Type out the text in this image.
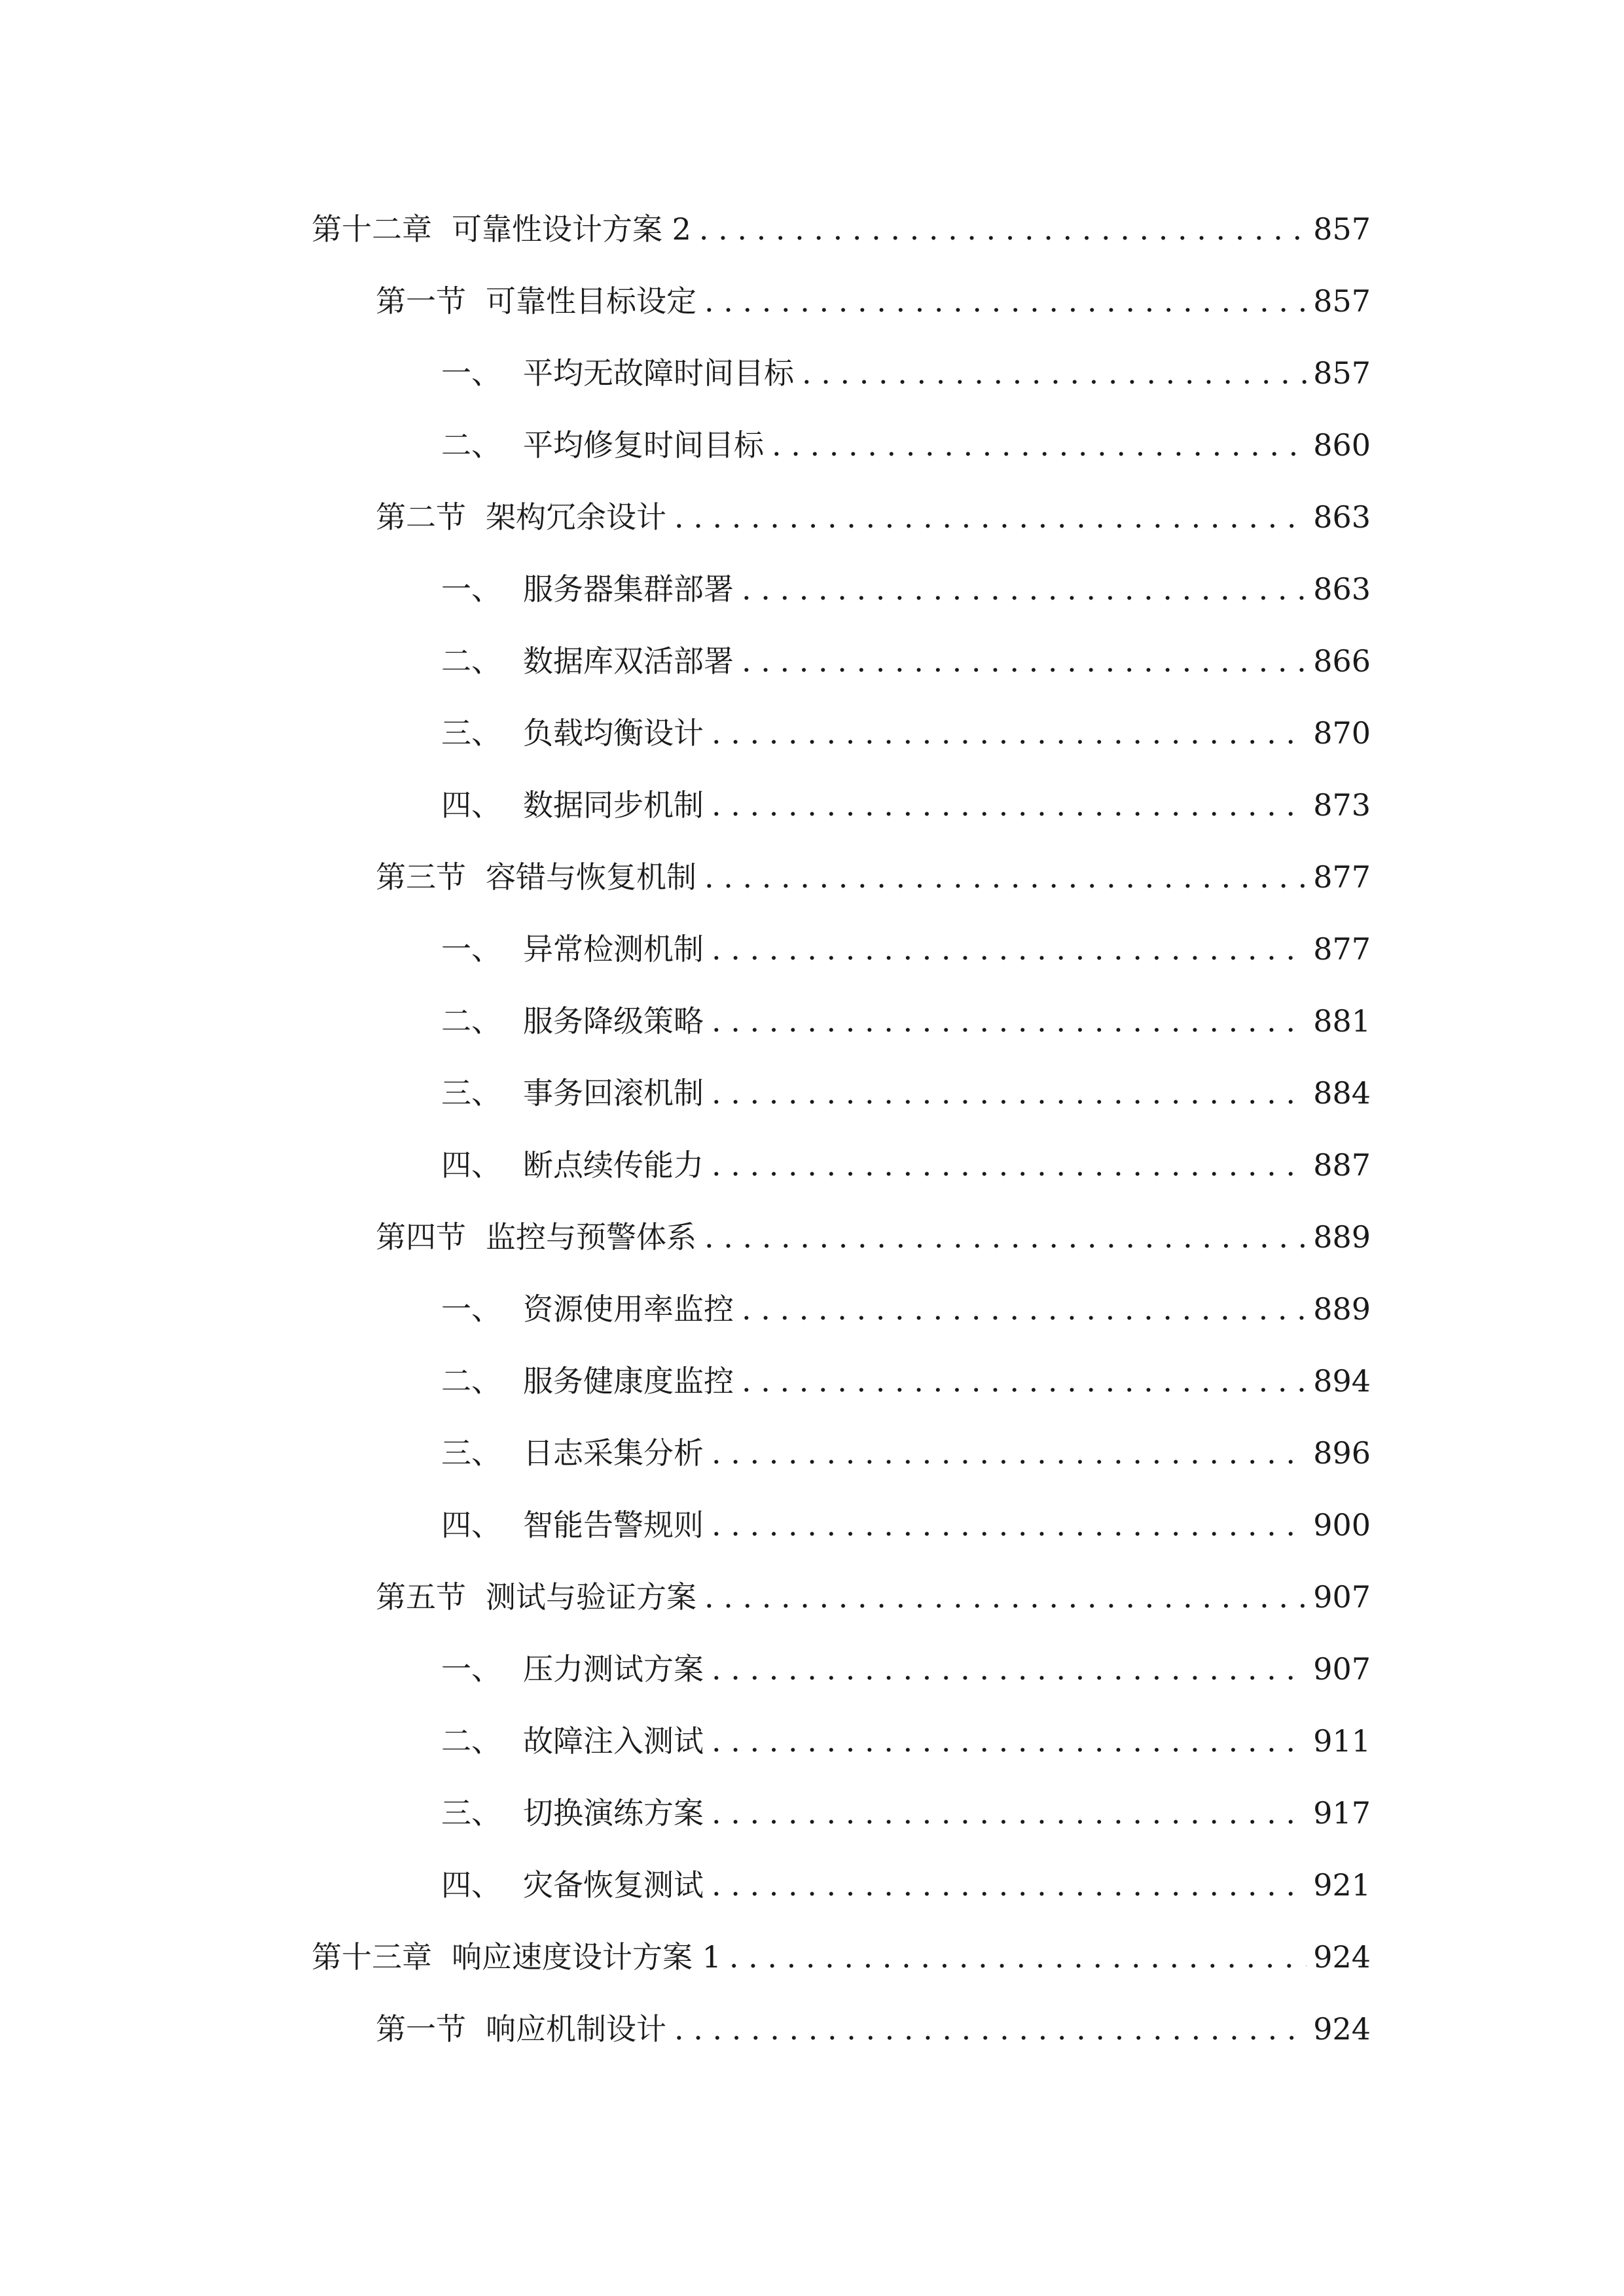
第十二章 可靠性设计方案 2 . . .	857
第一节 可靠性目标设定 . . .	857
一、 平均无故障时间目标 . . .	857
二、 平均修复时间目标 . . .	860
第二节 架构冗余设计 . . .	863
一、 服务器集群部署 . . .	863
二、 数据库双活部署 . . .	866
三、 负载均衡设计 . . .	870
四、 数据同步机制 . . .	873
第三节 容错与恢复机制 . . .	877
一、 异常检测机制 . . .	877
二、 服务降级策略 . . .	881
三、 事务回滚机制 . . .	884
四、 断点续传能力 . . .	887
第四节 监控与预警体系 . . .	889
一、 资源使用率监控 . . .	889
二、 服务健康度监控 . . .	894
三、 日志采集分析 . . .	896
四、 智能告警规则 . . .	900
第五节 测试与验证方案 . . .	907
一、 压力测试方案 . . .	907
二、 故障注入测试 . . .	911
三、 切换演练方案 . . .	917
四、 灾备恢复测试 . . .	921
第十三章 响应速度设计方案 1 . . .	924
第一节 响应机制设计 . . .	924
